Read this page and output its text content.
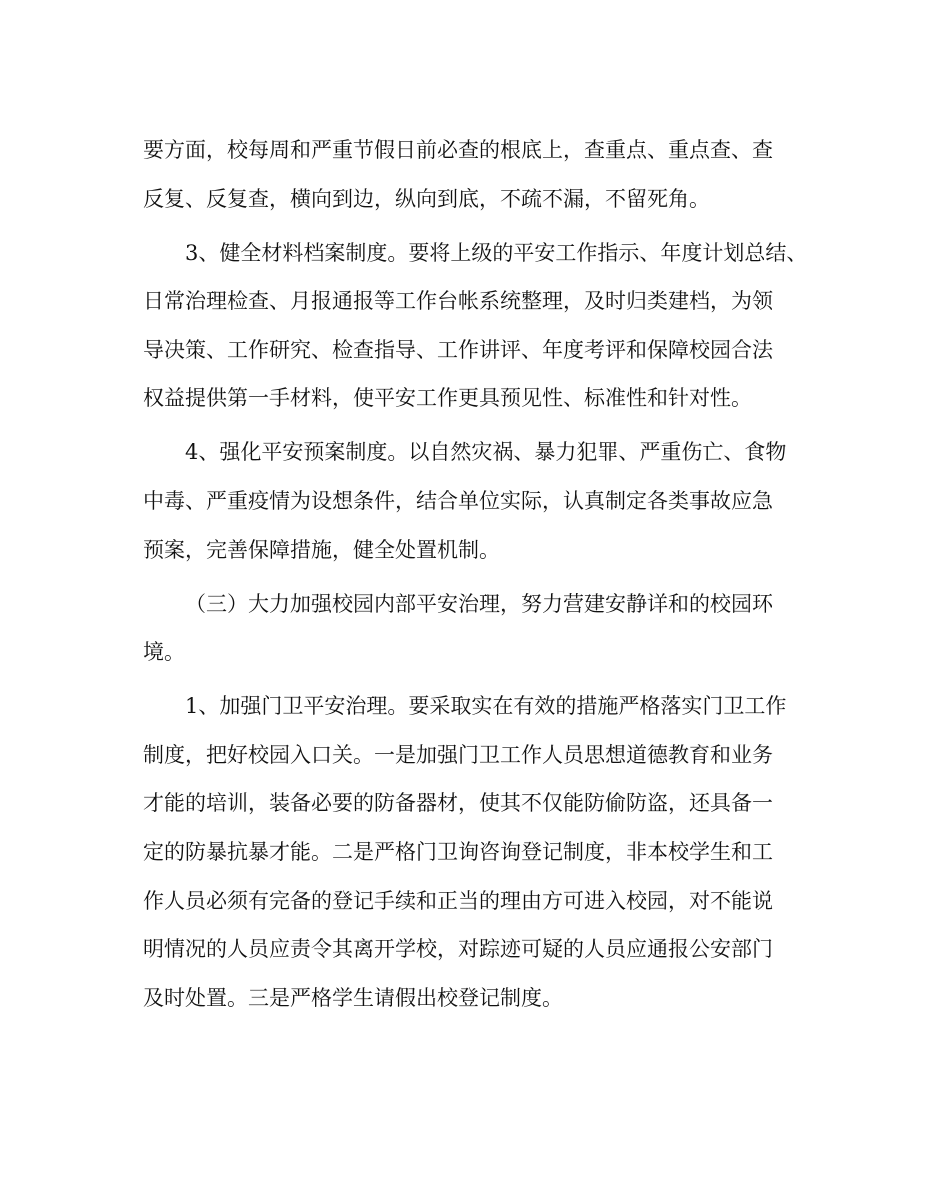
要方面，校每周和严重节假日前必查的根底上，查重点、重点查、查
反复、反复查，横向到边，纵向到底，不疏不漏，不留死角。
3、健全材料档案制度。要将上级的平安工作指示、年度计划总结、
日常治理检查、月报通报等工作台帐系统整理，及时归类建档，为领
导决策、工作研究、检查指导、工作讲评、年度考评和保障校园合法
权益提供第一手材料，使平安工作更具预见性、标准性和针对性。
4、强化平安预案制度。以自然灾祸、暴力犯罪、严重伤亡、食物
中毒、严重疫情为设想条件，结合单位实际，认真制定各类事故应急
预案，完善保障措施，健全处置机制。
（三）大力加强校园内部平安治理，努力营建安静详和的校园环
境。
1、加强门卫平安治理。要采取实在有效的措施严格落实门卫工作
制度，把好校园入口关。一是加强门卫工作人员思想道德教育和业务
才能的培训，装备必要的防备器材，使其不仅能防偷防盗，还具备一
定的防暴抗暴才能。二是严格门卫询咨询登记制度，非本校学生和工
作人员必须有完备的登记手续和正当的理由方可进入校园，对不能说
明情况的人员应责令其离开学校，对踪迹可疑的人员应通报公安部门
及时处置。三是严格学生请假出校登记制度。
